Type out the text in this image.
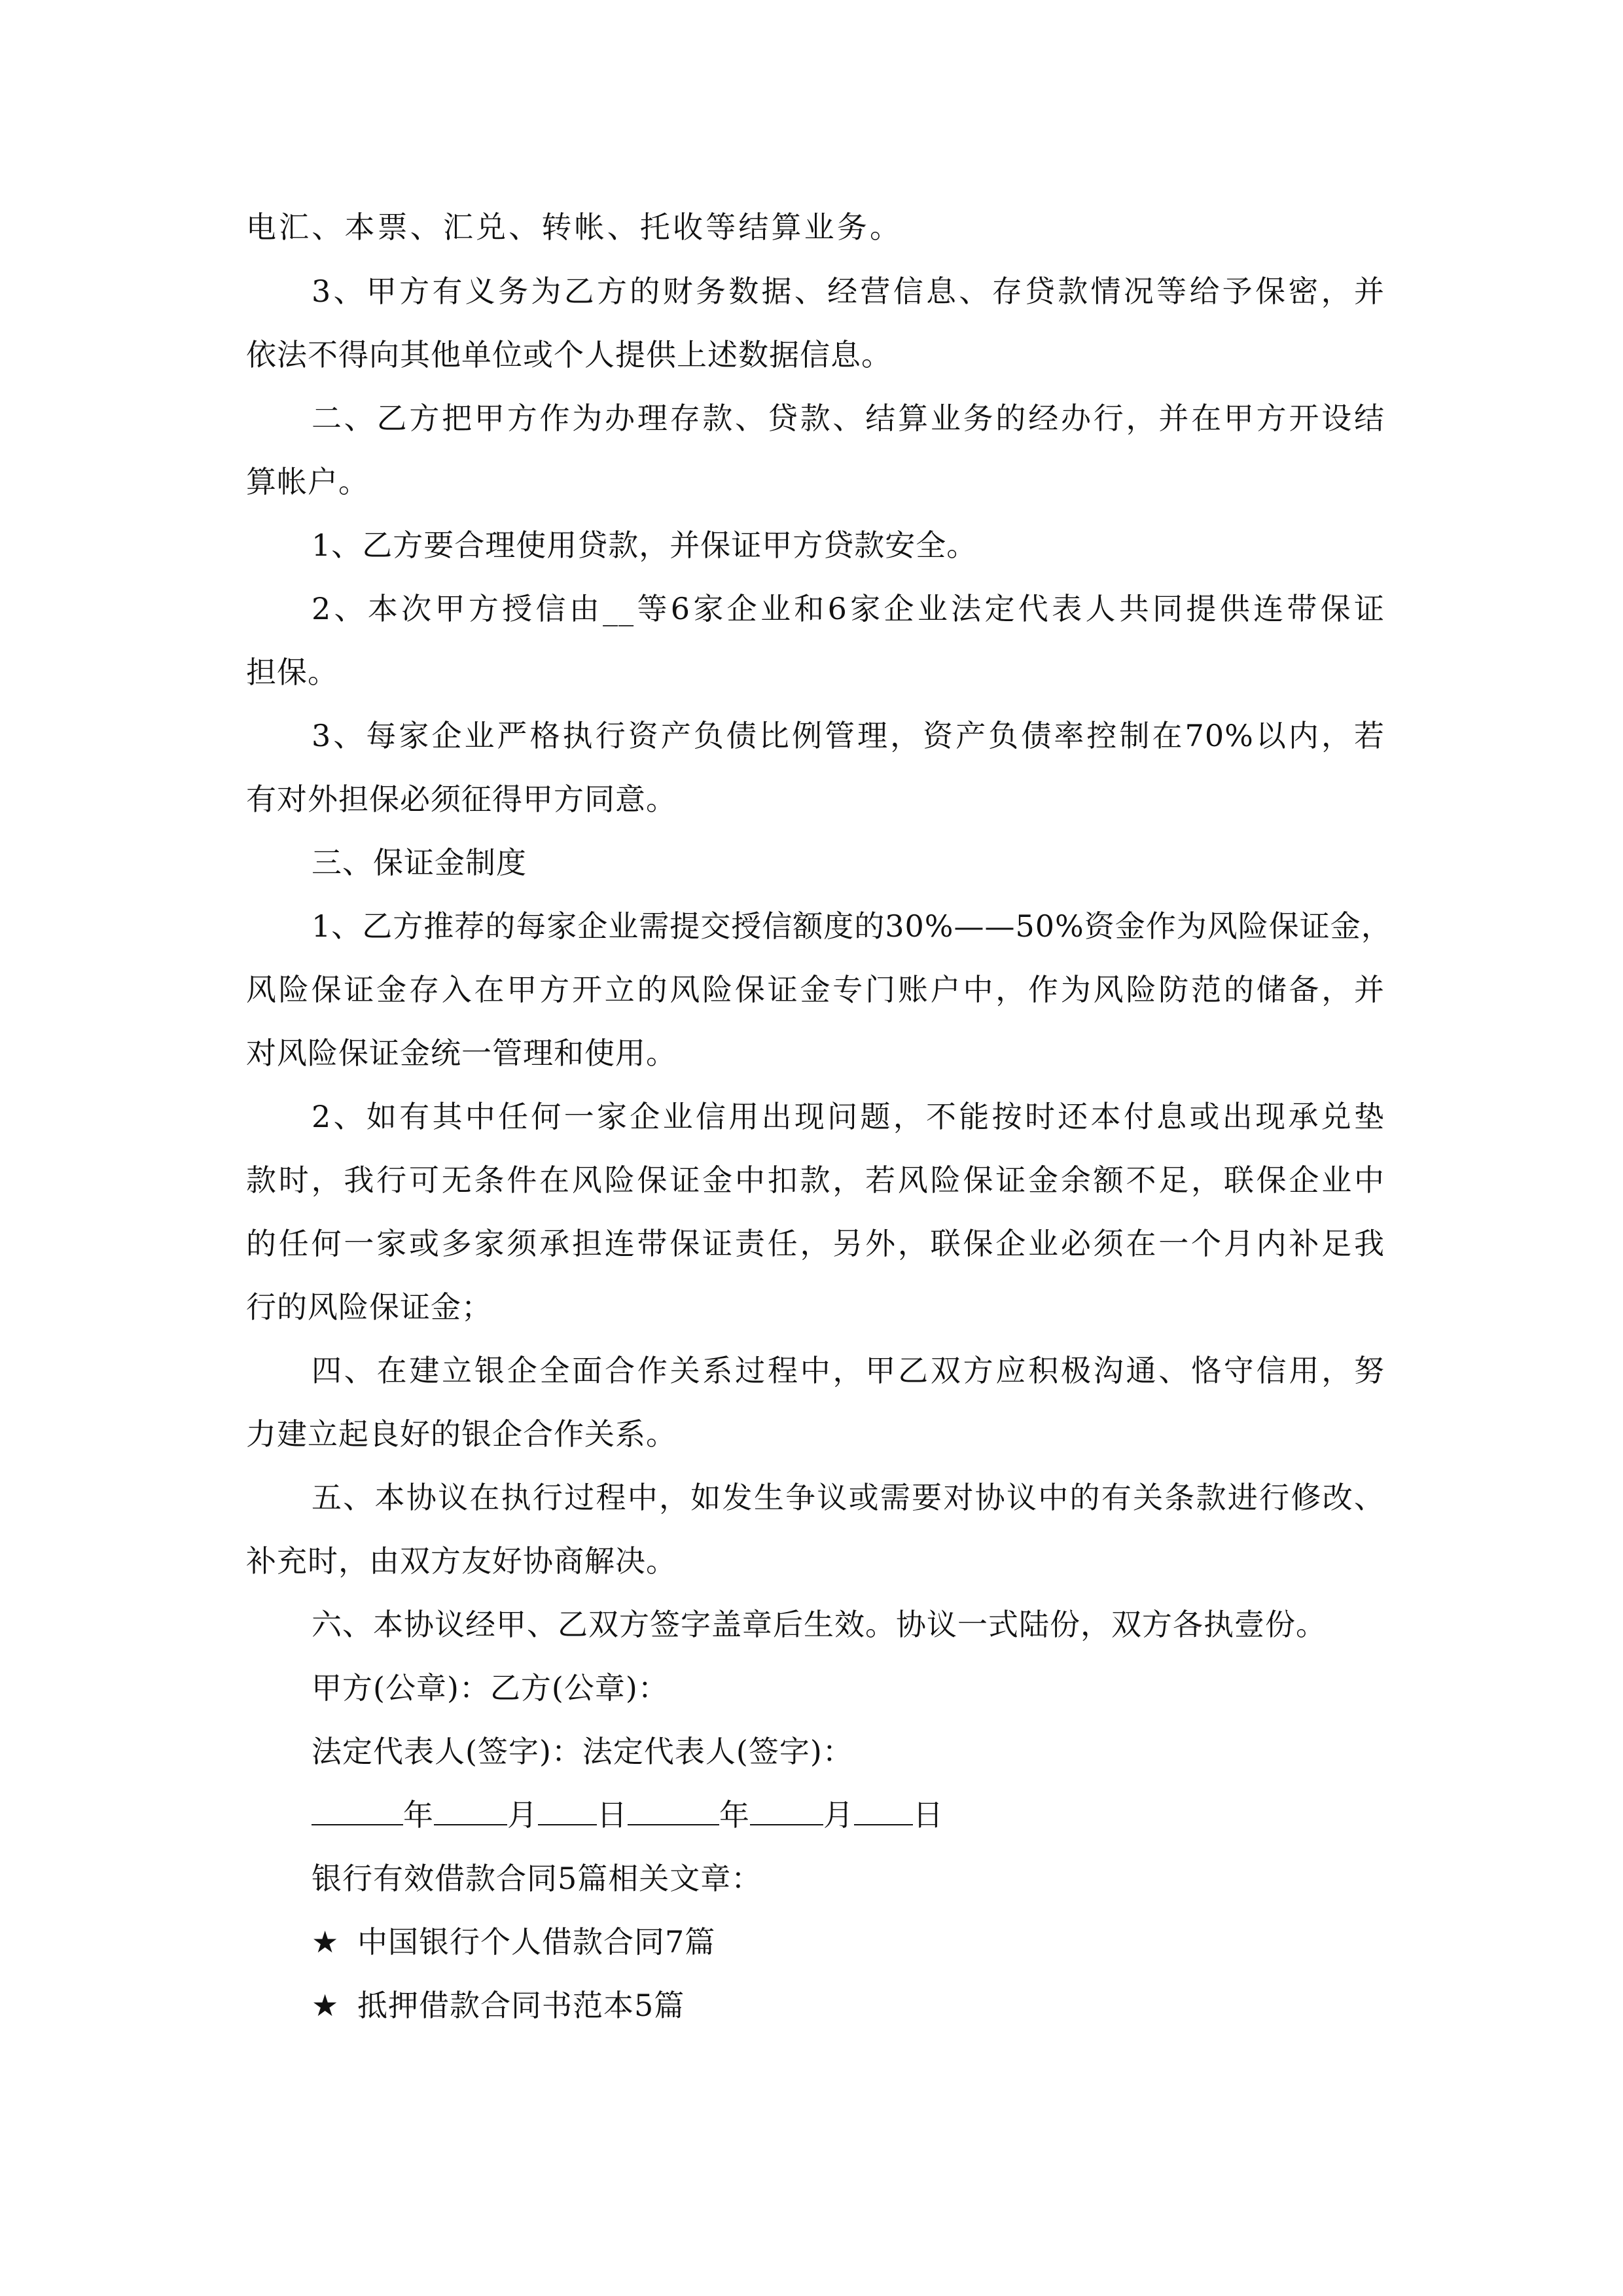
电汇、本票、汇兑、转帐、托收等结算业务。
3、甲方有义务为乙方的财务数据、经营信息、存贷款情况等给予保密，并
依法不得向其他单位或个人提供上述数据信息。
二、乙方把甲方作为办理存款、贷款、结算业务的经办行，并在甲方开设结
算帐户。
1、乙方要合理使用贷款，并保证甲方贷款安全。
2、本次甲方授信由__等6家企业和6家企业法定代表人共同提供连带保证
担保。
3、每家企业严格执行资产负债比例管理，资产负债率控制在70%以内，若
有对外担保必须征得甲方同意。
三、保证金制度
1、乙方推荐的每家企业需提交授信额度的30%——50%资金作为风险保证金，
风险保证金存入在甲方开立的风险保证金专门账户中，作为风险防范的储备，并
对风险保证金统一管理和使用。
2、如有其中任何一家企业信用出现问题，不能按时还本付息或出现承兑垫
款时，我行可无条件在风险保证金中扣款，若风险保证金余额不足，联保企业中
的任何一家或多家须承担连带保证责任，另外，联保企业必须在一个月内补足我
行的风险保证金；
四、在建立银企全面合作关系过程中，甲乙双方应积极沟通、恪守信用，努
力建立起良好的银企合作关系。
五、本协议在执行过程中，如发生争议或需要对协议中的有关条款进行修改、
补充时，由双方友好协商解决。
六、本协议经甲、乙双方签字盖章后生效。协议一式陆份，双方各执壹份。
甲方(公章)：乙方(公章)：
法定代表人(签字)：法定代表人(签字)：
年 月 日	年 月 日
银行有效借款合同5篇相关文章：
★ 中国银行个人借款合同7篇
★ 抵押借款合同书范本5篇
